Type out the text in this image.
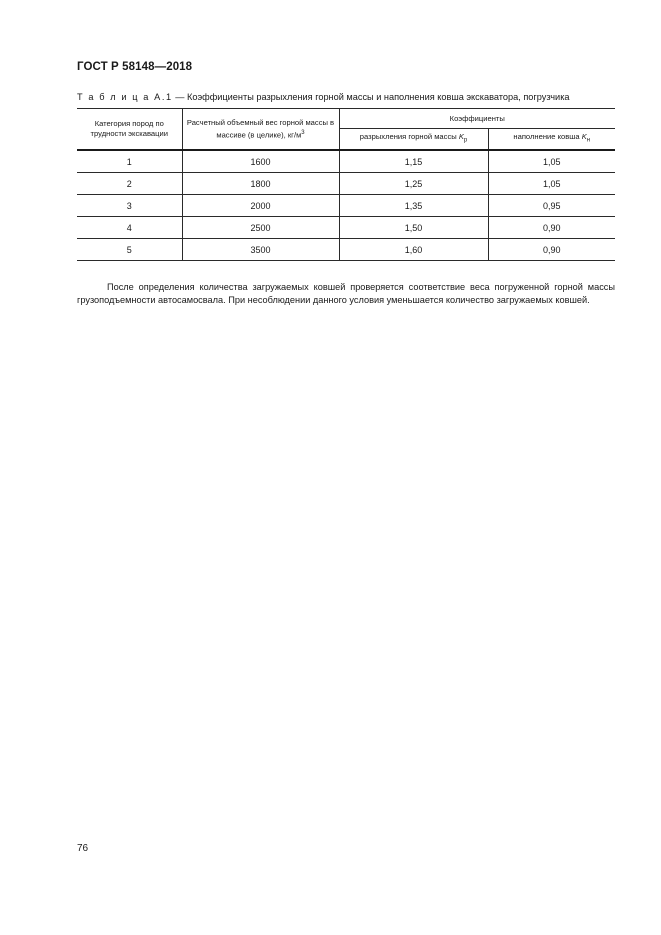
ГОСТ Р 58148—2018
Т а б л и ц а А.1 — Коэффициенты разрыхления горной массы и наполнения ковша экскаватора, погрузчика
Категория пород по трудности экскавации	Расчетный объемный вес горной массы в массиве (в целике), $кг/м^3$	Коэффициенты	
		разрыхления горной массы $K_р$	наполнение ковша $K_н$
1	1600	1,15	1,05
2	1800	1,25	1,05
3	2000	1,35	0,95
4	2500	1,50	0,90
5	3500	1,60	0,90

После определения количества загружаемых ковшей проверяется соответствие веса погруженной горной массы грузоподъемности автосамосвала. При несоблюдении данного условия уменьшается количество загружаемых ковшей.

76
